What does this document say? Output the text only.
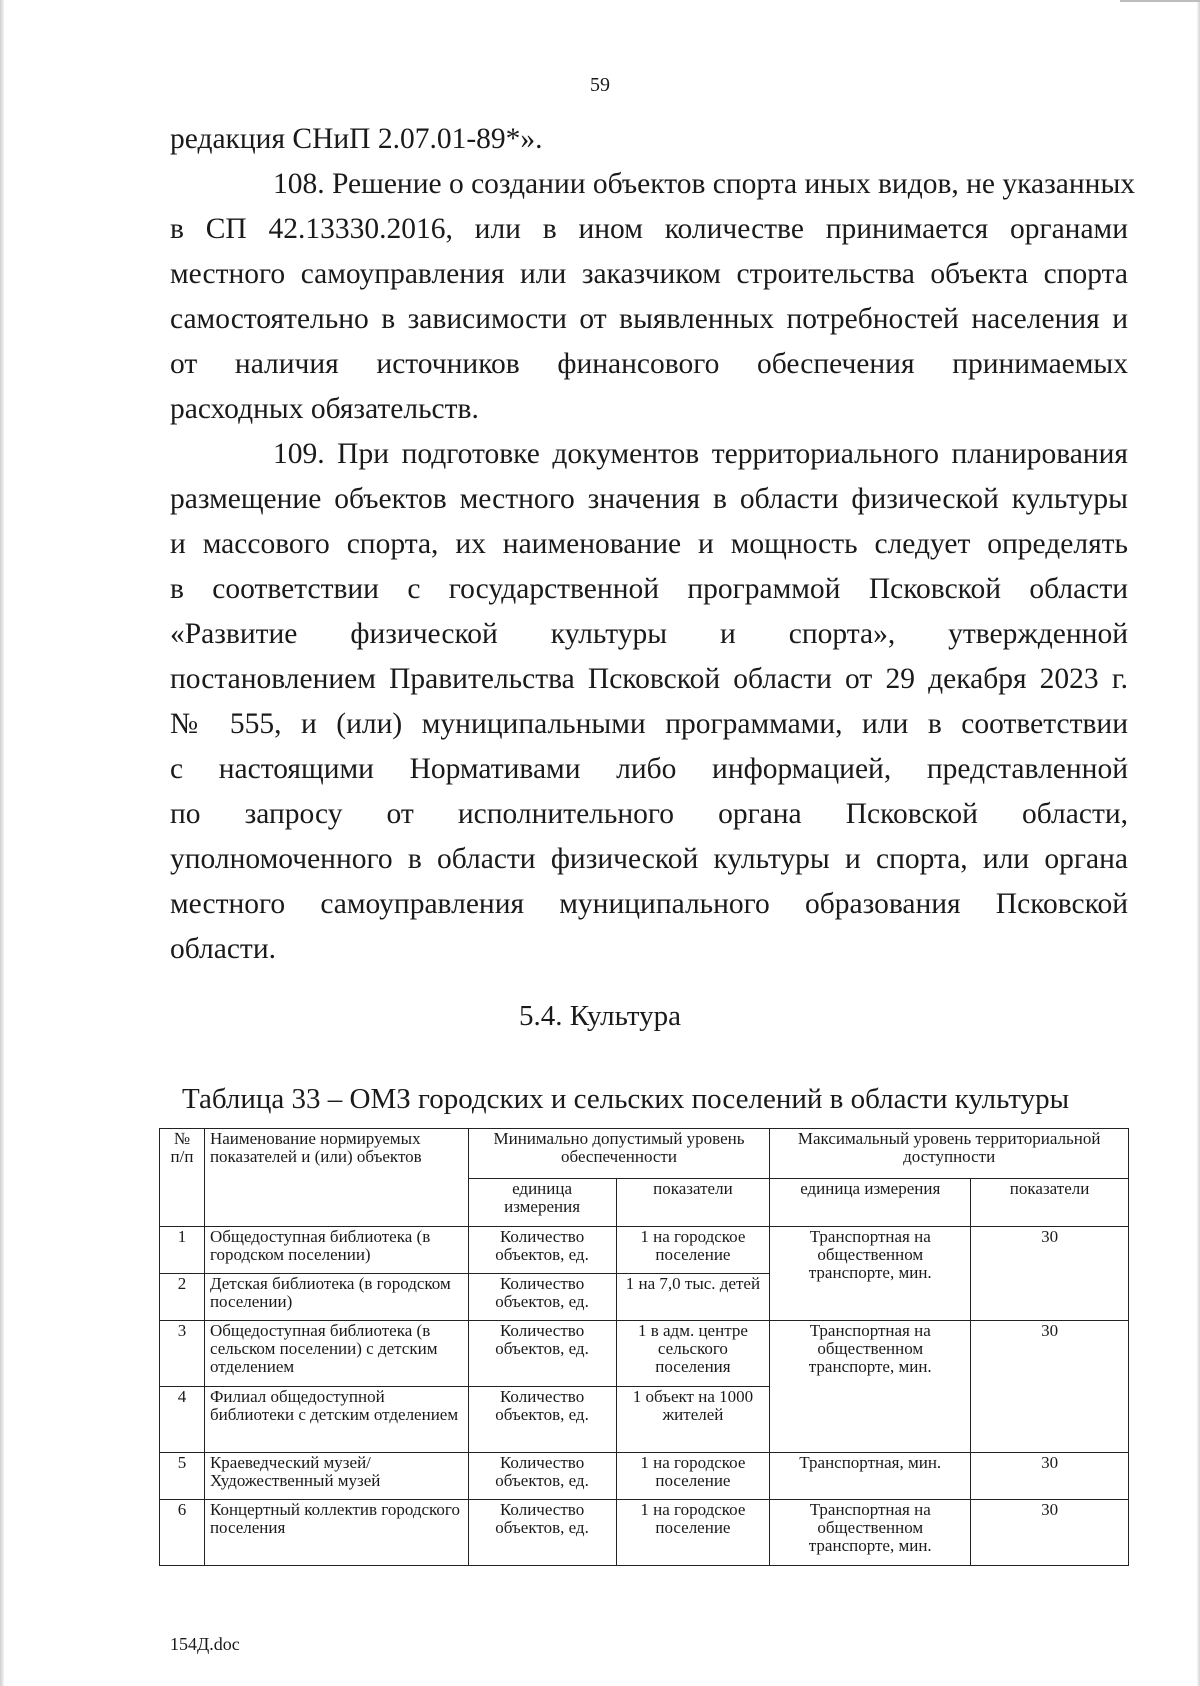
59
редакция СНиП 2.07.01-89*».
108. Решение о создании объектов спорта иных видов, не указанных
в СП 42.13330.2016, или в ином количестве принимается органами
местного самоуправления или заказчиком строительства объекта спорта
самостоятельно в зависимости от выявленных потребностей населения и
от наличия источников финансового обеспечения принимаемых
расходных обязательств.
109. При подготовке документов территориального планирования
размещение объектов местного значения в области физической культуры
и массового спорта, их наименование и мощность следует определять
в соответствии с государственной программой Псковской области
«Развитие физической культуры и спорта», утвержденной
постановлением Правительства Псковской области от 29 декабря 2023 г.
№ 555, и (или) муниципальными программами, или в соответствии
с настоящими Нормативами либо информацией, представленной
по запросу от исполнительного органа Псковской области,
уполномоченного в области физической культуры и спорта, или органа
местного самоуправления муниципального образования Псковской
области.
5.4. Культура
Таблица 33 – ОМЗ городских и сельских поселений в области культуры
№ п/п	Наименование нормируемых показателей и (или) объектов	Минимально допустимый уровень обеспеченности		Максимальный уровень территориальной доступности	
		единица измерения	показатели	единица измерения	показатели
1	Общедоступная библиотека (в городском поселении)	Количество объектов, ед.	1 на городское поселение	Транспортная на общественном транспорте, мин.	30
2	Детская библиотека (в городском поселении)	Количество объектов, ед.	1 на 7,0 тыс. детей		
3	Общедоступная библиотека (в сельском поселении) с детским отделением	Количество объектов, ед.	1 в адм. центре сельского поселения	Транспортная на общественном транспорте, мин.	30
4	Филиал общедоступной библиотеки с детским отделением	Количество объектов, ед.	1 объект на 1000 жителей		
5	Краеведческий музей/ Художественный музей	Количество объектов, ед.	1 на городское поселение	Транспортная, мин.	30
6	Концертный коллектив городского поселения	Количество объектов, ед.	1 на городское поселение	Транспортная на общественном транспорте, мин.	30
154Д.doc
